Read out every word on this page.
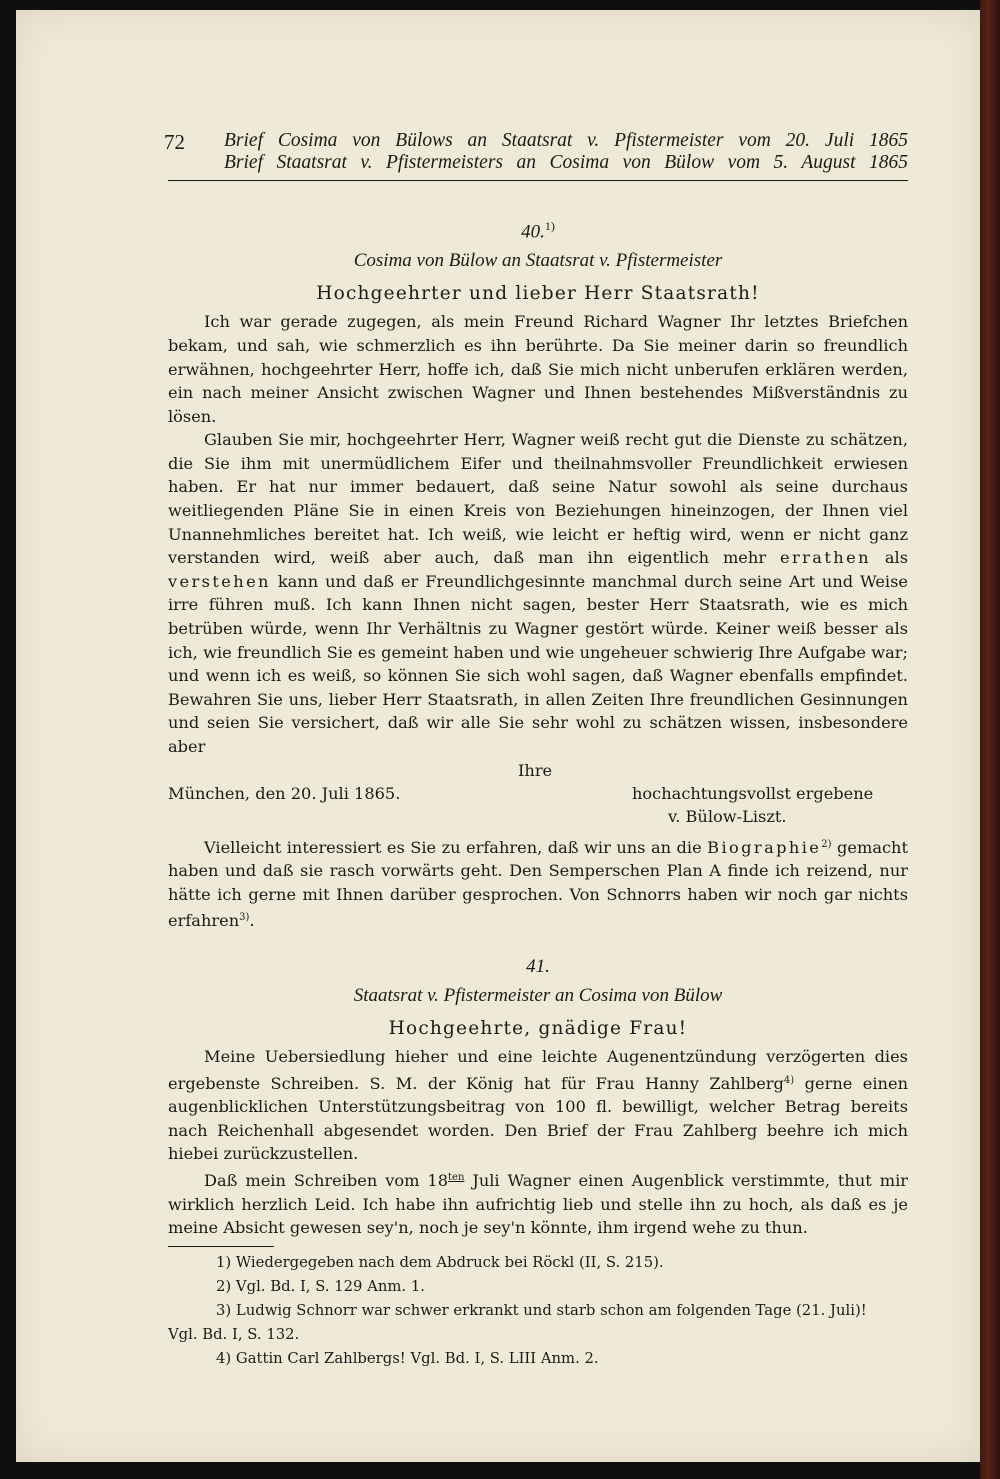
72 Brief Cosima von Bülows an Staatsrat v. Pfistermeister vom 20. Juli 1865
Brief Staatsrat v. Pfistermeisters an Cosima von Bülow vom 5. August 1865
40.$^{1)}$
Cosima von Bülow an Staatsrat v. Pfistermeister
Hochgeehrter und lieber Herr Staatsrath!

Ich war gerade zugegen, als mein Freund Richard Wagner Ihr letztes Briefchen bekam, und sah, wie schmerzlich es ihn berührte. Da Sie meiner darin so freundlich erwähnen, hochgeehrter Herr, hoffe ich, daß Sie mich nicht unberufen erklären werden, ein nach meiner Ansicht zwischen Wagner und Ihnen bestehendes Mißverständnis zu lösen.

Glauben Sie mir, hochgeehrter Herr, Wagner weiß recht gut die Dienste zu schätzen, die Sie ihm mit unermüdlichem Eifer und theilnahmsvoller Freundlichkeit erwiesen haben. Er hat nur immer bedauert, daß seine Natur sowohl als seine durchaus weitliegenden Pläne Sie in einen Kreis von Beziehungen hineinzogen, der Ihnen viel Unannehmliches bereitet hat. Ich weiß, wie leicht er heftig wird, wenn er nicht ganz verstanden wird, weiß aber auch, daß man ihn eigentlich mehr errathen als verstehen kann und daß er Freundlichgesinnte manchmal durch seine Art und Weise irre führen muß. Ich kann Ihnen nicht sagen, bester Herr Staatsrath, wie es mich betrüben würde, wenn Ihr Verhältnis zu Wagner gestört würde. Keiner weiß besser als ich, wie freundlich Sie es gemeint haben und wie ungeheuer schwierig Ihre Aufgabe war; und wenn ich es weiß, so können Sie sich wohl sagen, daß Wagner ebenfalls empfindet. Bewahren Sie uns, lieber Herr Staatsrath, in allen Zeiten Ihre freundlichen Gesinnungen und seien Sie versichert, daß wir alle Sie sehr wohl zu schätzen wissen, insbesondere aber

Ihre
München, den 20. Juli 1865.	hochachtungsvollst ergebene
v. Bülow-Liszt.

Vielleicht interessiert es Sie zu erfahren, daß wir uns an die Biographie$^{2)}$ gemacht haben und daß sie rasch vorwärts geht. Den Semperschen Plan A finde ich reizend, nur hätte ich gerne mit Ihnen darüber gesprochen. Von Schnorrs haben wir noch gar nichts erfahren$^{3)}$.

41.
Staatsrat v. Pfistermeister an Cosima von Bülow
Hochgeehrte, gnädige Frau!

Meine Uebersiedlung hieher und eine leichte Augenentzündung verzögerten dies ergebenste Schreiben. S. M. der König hat für Frau Hanny Zahlberg$^{4)}$ gerne einen augenblicklichen Unterstützungsbeitrag von 100 fl. bewilligt, welcher Betrag bereits nach Reichenhall abgesendet worden. Den Brief der Frau Zahlberg beehre ich mich hiebei zurückzustellen.

Daß mein Schreiben vom $18^{ten}$ Juli Wagner einen Augenblick verstimmte, thut mir wirklich herzlich Leid. Ich habe ihn aufrichtig lieb und stelle ihn zu hoch, als daß es je meine Absicht gewesen sey'n, noch je sey'n könnte, ihm irgend wehe zu thun.

1) Wiedergegeben nach dem Abdruck bei Röckl (II, S. 215).

2) Vgl. Bd. I, S. 129 Anm. 1.

3) Ludwig Schnorr war schwer erkrankt und starb schon am folgenden Tage (21. Juli)!

Vgl. Bd. I, S. 132.

4) Gattin Carl Zahlbergs! Vgl. Bd. I, S. LIII Anm. 2.
